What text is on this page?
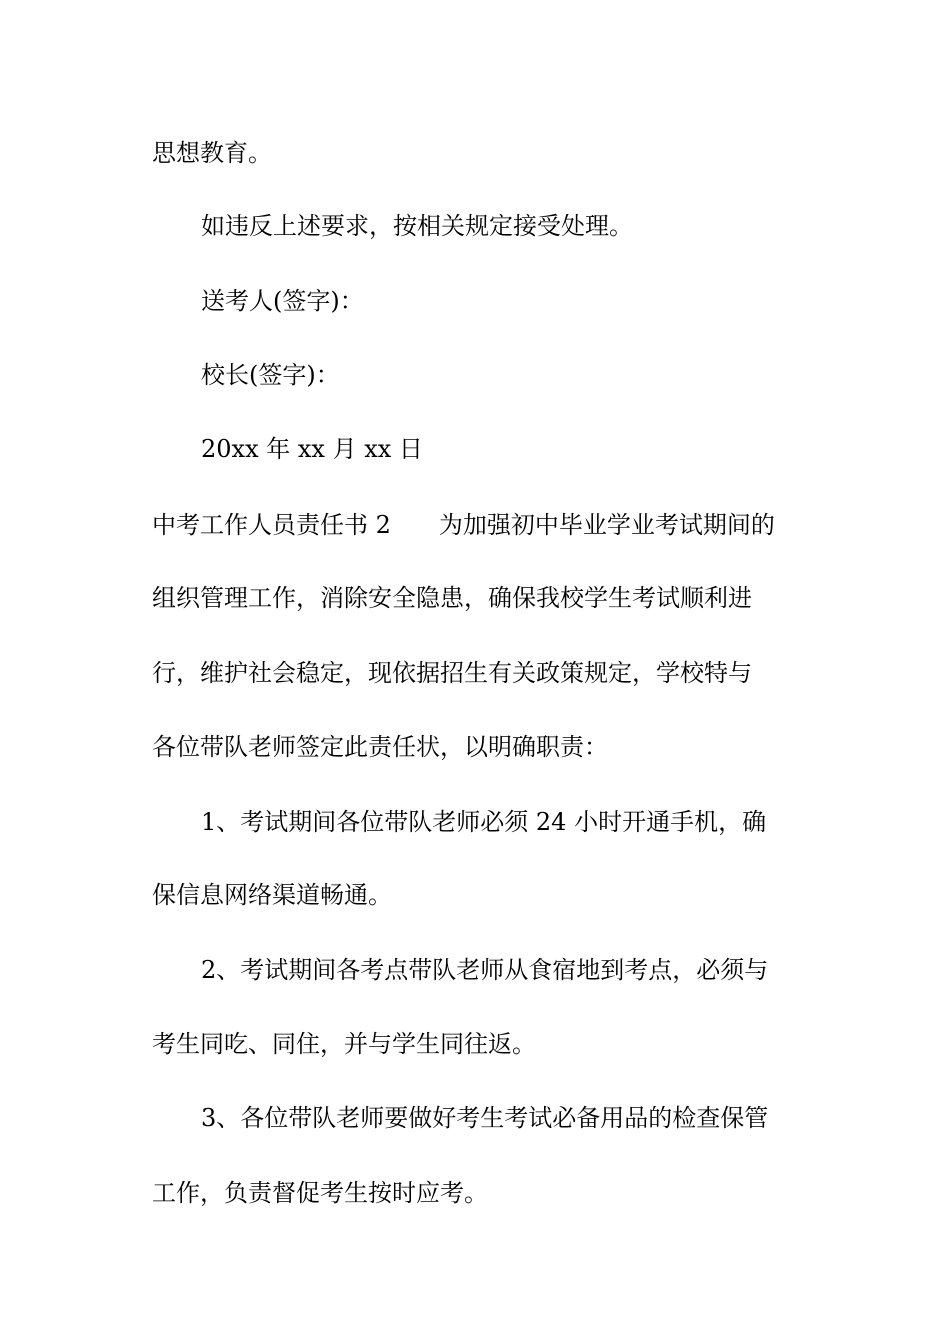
思想教育。

如违反上述要求，按相关规定接受处理。

送考人(签字)：

校长(签字)：

20xx 年 xx 月 xx 日

中考工作人员责任书 2 为加强初中毕业学业考试期间的

组织管理工作，消除安全隐患，确保我校学生考试顺利进

行，维护社会稳定，现依据招生有关政策规定，学校特与

各位带队老师签定此责任状，以明确职责：

1、考试期间各位带队老师必须 24 小时开通手机，确

保信息网络渠道畅通。

2、考试期间各考点带队老师从食宿地到考点，必须与

考生同吃、同住，并与学生同往返。

3、各位带队老师要做好考生考试必备用品的检查保管

工作，负责督促考生按时应考。
